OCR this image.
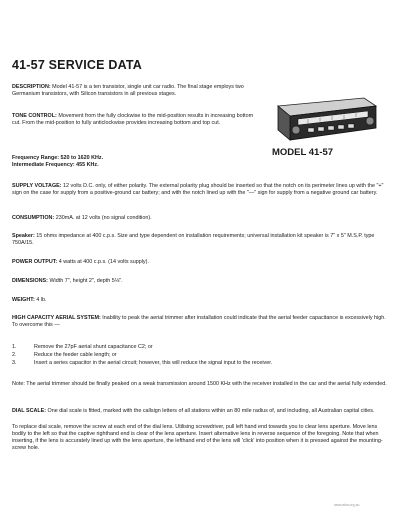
41-57 SERVICE DATA
DESCRIPTION: Model 41-57 is a ten transistor, single unit car radio. The final stage employs two Germanium transistors, with Silicon transistors in all previous stages.
TONE CONTROL: Movement from the fully clockwise to the mid-position results in increasing bottom cut. From the mid-position to fully anticlockwise provides increasing bottom and top cut.
Frequency Range: 520 to 1620 KHz.
Intermediate Frequency: 455 KHz.
MODEL 41-57
SUPPLY VOLTAGE: 12 volts D.C. only, of either polarity. The external polarity plug should be inserted so that the notch on its perimeter lines up with the "+" sign on the case for supply from a positive-ground car battery; and with the notch lined up with the "—" sign for supply from a negative ground car battery.
CONSUMPTION: 230mA. at 12 volts (no signal condition).
Speaker: 15 ohms impedance at 400 c.p.s. Size and type dependent on installation requirements; universal installation kit speaker is 7" x 5" M.S.P. type 750A/15.
POWER OUTPUT: 4 watts at 400 c.p.s. (14 volts supply).
DIMENSIONS: Width 7", height 2", depth 5⅛".
WEIGHT: 4 lb.
HIGH CAPACITY AERIAL SYSTEM: Inability to peak the aerial trimmer after installation could indicate that the aerial feeder capacitance is excessively high. To overcome this —
1.	Remove the 27pF aerial shunt capacitance C2; or
2.	Reduce the feeder cable length; or
3.	Insert a series capacitor in the aerial circuit; however, this will reduce the signal input to the receiver.
Note: The aerial trimmer should be finally peaked on a weak transmission around 1500 KHz with the receiver installed in the car and the aerial fully extended.
DIAL SCALE: One dial scale is fitted, marked with the callsign letters of all stations within an 80 mile radius of, and including, all Australian capital cities.
To replace dial scale, remove the screw at each end of the dial lens. Utilising screwdriver, pull left hand end towards you to clear lens aperture. Move lens bodily to the left so that the captive righthand end is clear of the lens aperture. Insert alternative lens in reverse sequence of the foregoing. Note that when inserting, if the lens is accurately lined up with the lens aperture, the lefthand end of the lens will 'click' into position when it is pressed against the mounting-screw hole.
www.ahw.org.au
